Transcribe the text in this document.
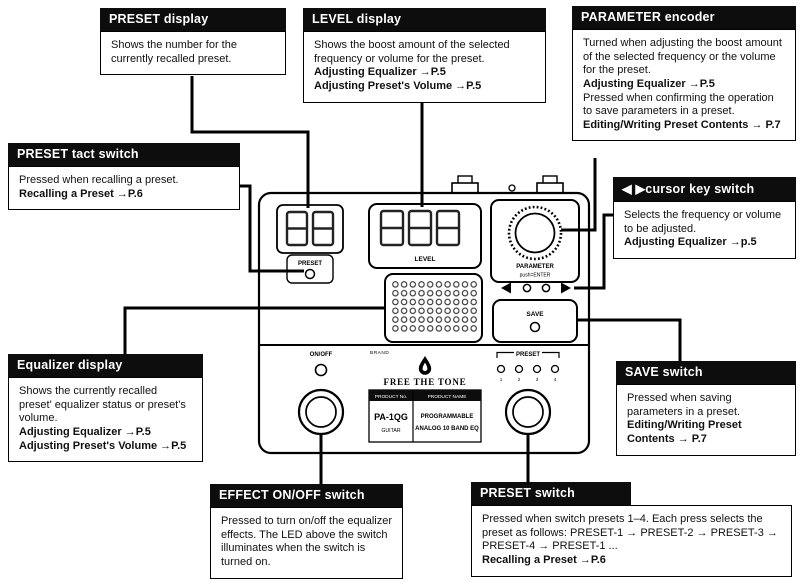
PRESET
LEVEL
PARAMETER
push=ENTER
SAVE
ON/OFF	BRAND
FREE THE TONE
PRODUCT No.	PRODUCT NAME
PA-1QG
GUITAR
PROGRAMMABLE
ANALOG 10 BAND EQ
PRESET
1	2	3	4
PRESET display
Shows the number for the currently recalled preset.
LEVEL display
Shows the boost amount of the selected frequency or volume for the preset.
Adjusting Equalizer →P.5
Adjusting Preset's Volume →P.5
PARAMETER encoder
Turned when adjusting the boost amount of the selected frequency or the volume for the preset.
Adjusting Equalizer →P.5
Pressed when confirming the operation to save parameters in a preset.
Editing/Writing Preset Contents → P.7
PRESET tact switch
Pressed when recalling a preset.
Recalling a Preset →P.6	◀ ▶cursor key switch
Selects the frequency or volume to be adjusted.
Adjusting Equalizer →p.5
Equalizer display
Shows the currently recalled preset' equalizer status or preset's volume.
Adjusting Equalizer →P.5
Adjusting Preset's Volume →P.5
SAVE switch
Pressed when saving parameters in a preset.
Editing/Writing Preset Contents → P.7
EFFECT ON/OFF switch
Pressed to turn on/off the equalizer effects. The LED above the switch illuminates when the switch is turned on.
PRESET switch
Pressed when switch presets 1–4. Each press selects the preset as follows: PRESET-1 → PRESET-2 → PRESET-3 → PRESET-4 → PRESET-1 ...
Recalling a Preset →P.6
